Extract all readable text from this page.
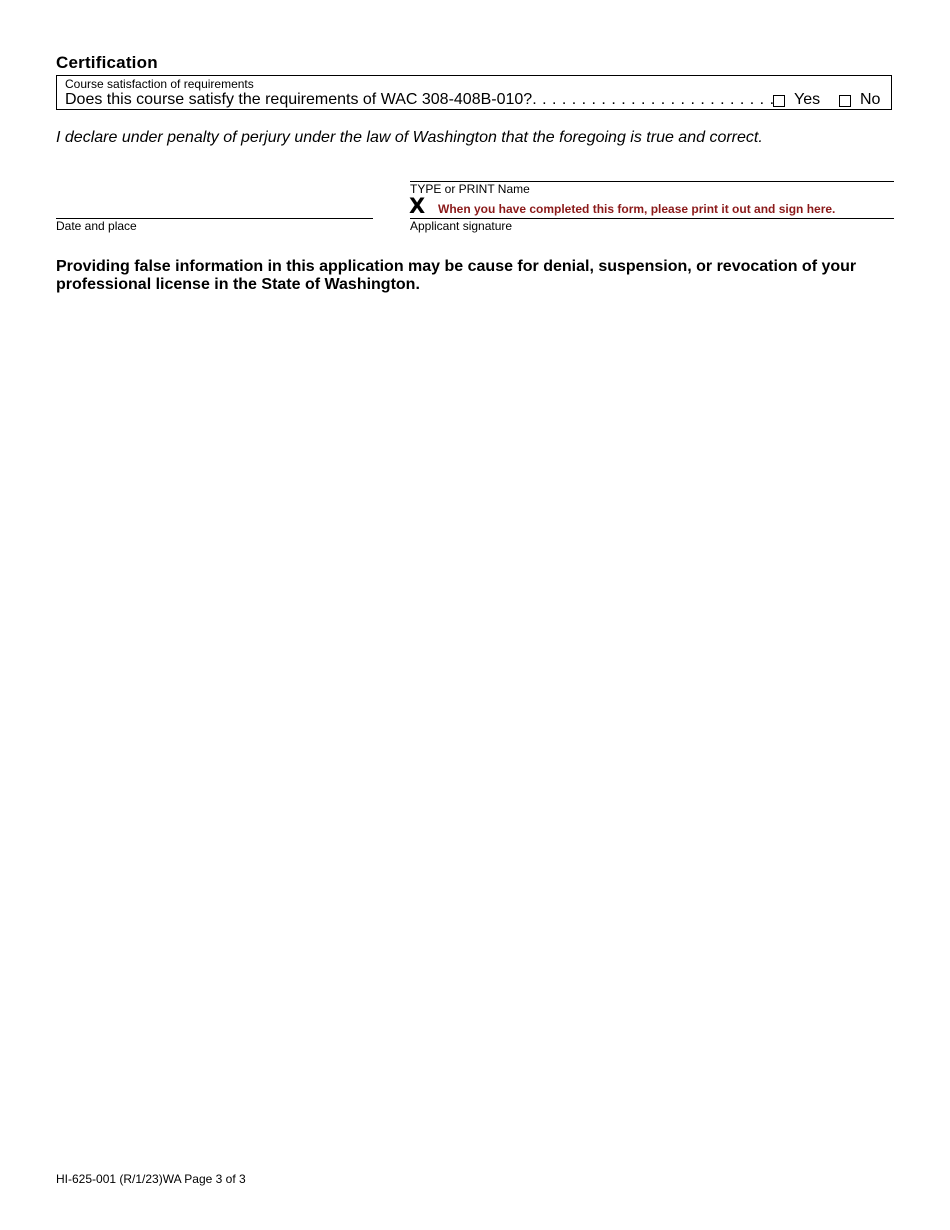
Certification
Course satisfaction of requirements
Does this course satisfy the requirements of WAC 308-408B-010?. . . . . . . . . . . . . . . . . . . . . . . . . Yes No
I declare under penalty of perjury under the law of Washington that the foregoing is true and correct.
TYPE or PRINT Name
X When you have completed this form, please print it out and sign here.
Date and place	Applicant signature
Providing false information in this application may be cause for denial, suspension, or revocation of your professional license in the State of Washington.
HI-625-001 (R/1/23)WA Page 3 of 3
